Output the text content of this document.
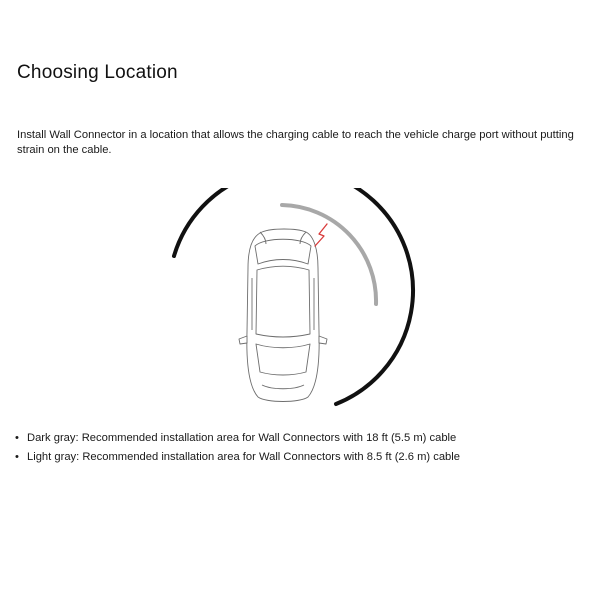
Choosing Location

Install Wall Connector in a location that allows the charging cable to reach the vehicle charge port without putting strain on the cable.

• Dark gray: Recommended installation area for Wall Connectors with 18 ft (5.5 m) cable
• Light gray: Recommended installation area for Wall Connectors with 8.5 ft (2.6 m) cable
